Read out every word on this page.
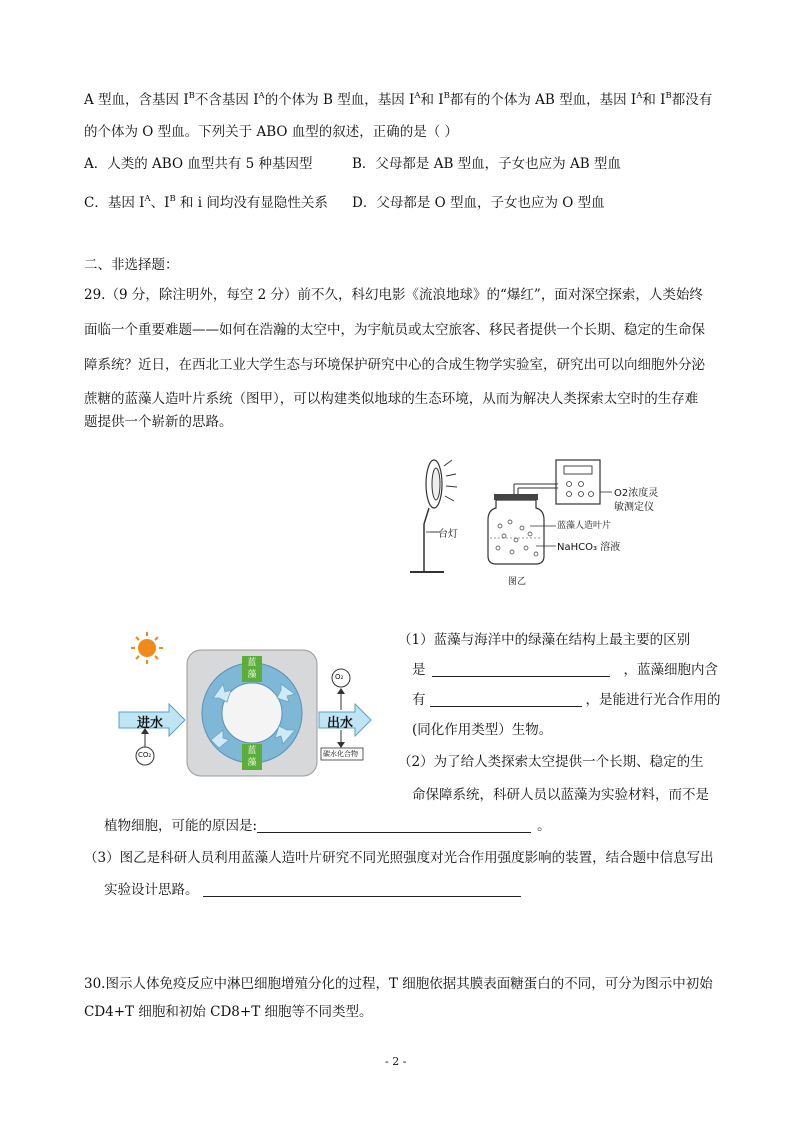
A 型血，含基因 $I^B$不含基因 $I^A$的个体为 B 型血，基因 $I^A$和 $I^B$都有的个体为 AB 型血，基因 $I^A$和 $I^B$都没有
的个体为 O 型血。下列关于 ABO 血型的叙述，正确的是（ ）
A．人类的 ABO 血型共有 5 种基因型	B．父母都是 AB 型血，子女也应为 AB 型血
C．基因 $I^A$、$I^B$ 和 i 间均没有显隐性关系 D．父母都是 O 型血，子女也应为 O 型血
二、非选择题：
29.（9 分，除注明外，每空 2 分）前不久，科幻电影《流浪地球》的“爆红”，面对深空探索，人类始终
面临一个重要难题——如何在浩瀚的太空中，为宇航员或太空旅客、移民者提供一个长期、稳定的生命保
障系统？近日，在西北工业大学生态与环境保护研究中心的合成生物学实验室，研究出可以向细胞外分泌
蔗糖的蓝藻人造叶片系统（图甲），可以构建类似地球的生态环境，从而为解决人类探索太空时的生存难
题提供一个崭新的思路。
台灯
O2浓度灵
敏测定仪
蓝藻人造叶片
NaHCO₃ 溶液
图乙
进水	出水
CO₂
O₂
蓝藻
蓝藻
碳水化合物
（1）蓝藻与海洋中的绿藻在结构上最主要的区别
是	，蓝藻细胞内含
有	，是能进行光合作用的
(同化作用类型）生物。
（2）为了给人类探索太空提供一个长期、稳定的生
命保障系统，科研人员以蓝藻为实验材料，而不是
植物细胞，可能的原因是:	。
（3）图乙是科研人员利用蓝藻人造叶片研究不同光照强度对光合作用强度影响的装置，结合题中信息写出
实验设计思路。
30.图示人体免疫反应中淋巴细胞增殖分化的过程，T 细胞依据其膜表面糖蛋白的不同，可分为图示中初始
CD4+T 细胞和初始 CD8+T 细胞等不同类型。
- 2 -
